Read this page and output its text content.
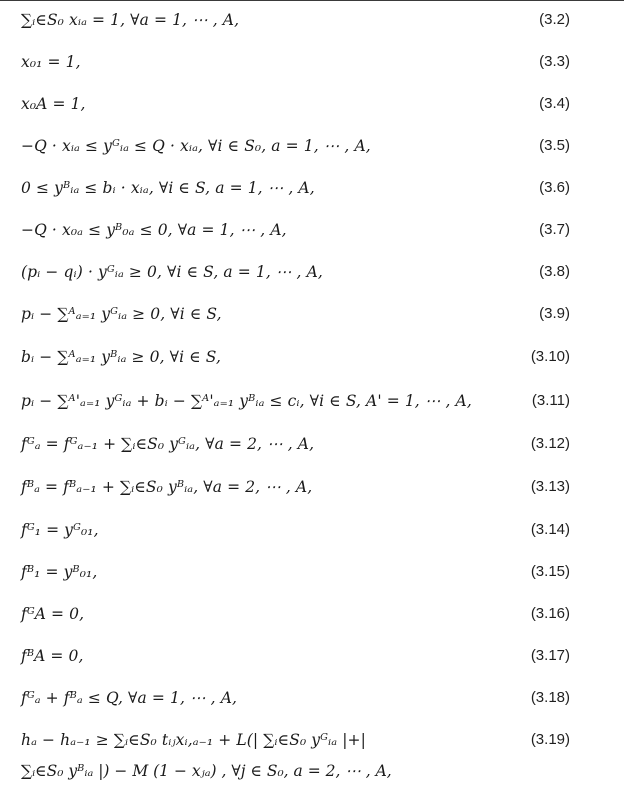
∑ᵢ∈S₀ xᵢₐ = 1, ∀a = 1, ⋯ , A,	(3.2)
x₀₁ = 1,	(3.3)
x₀A = 1,	(3.4)
−Q · xᵢₐ ≤ yᴳᵢₐ ≤ Q · xᵢₐ, ∀i ∈ S₀, a = 1, ⋯ , A,	(3.5)
0 ≤ yᴮᵢₐ ≤ bᵢ · xᵢₐ, ∀i ∈ S, a = 1, ⋯ , A,	(3.6)
−Q · x₀ₐ ≤ yᴮ₀ₐ ≤ 0, ∀a = 1, ⋯ , A,	(3.7)
(pᵢ − qᵢ) · yᴳᵢₐ ≥ 0, ∀i ∈ S, a = 1, ⋯ , A,	(3.8)
pᵢ − ∑ᴬₐ₌₁ yᴳᵢₐ ≥ 0, ∀i ∈ S,	(3.9)
bᵢ − ∑ᴬₐ₌₁ yᴮᵢₐ ≥ 0, ∀i ∈ S,	(3.10)
pᵢ − ∑ᴬ'ₐ₌₁ yᴳᵢₐ + bᵢ − ∑ᴬ'ₐ₌₁ yᴮᵢₐ ≤ cᵢ, ∀i ∈ S, A' = 1, ⋯ , A,	(3.11)
fᴳₐ = fᴳₐ₋₁ + ∑ᵢ∈S₀ yᴳᵢₐ, ∀a = 2, ⋯ , A,	(3.12)
fᴮₐ = fᴮₐ₋₁ + ∑ᵢ∈S₀ yᴮᵢₐ, ∀a = 2, ⋯ , A,	(3.13)
fᴳ₁ = yᴳ₀₁,	(3.14)
fᴮ₁ = yᴮ₀₁,	(3.15)
fᴳA = 0,	(3.16)
fᴮA = 0,	(3.17)
fᴳₐ + fᴮₐ ≤ Q, ∀a = 1, ⋯ , A,	(3.18)
hₐ − hₐ₋₁ ≥ ∑ᵢ∈S₀ tᵢⱼxᵢ,ₐ₋₁ + L(| ∑ᵢ∈S₀ yᴳᵢₐ |+|	(3.19)
∑ᵢ∈S₀ yᴮᵢₐ |) − M (1 − xⱼₐ) , ∀j ∈ S₀, a = 2, ⋯ , A,
